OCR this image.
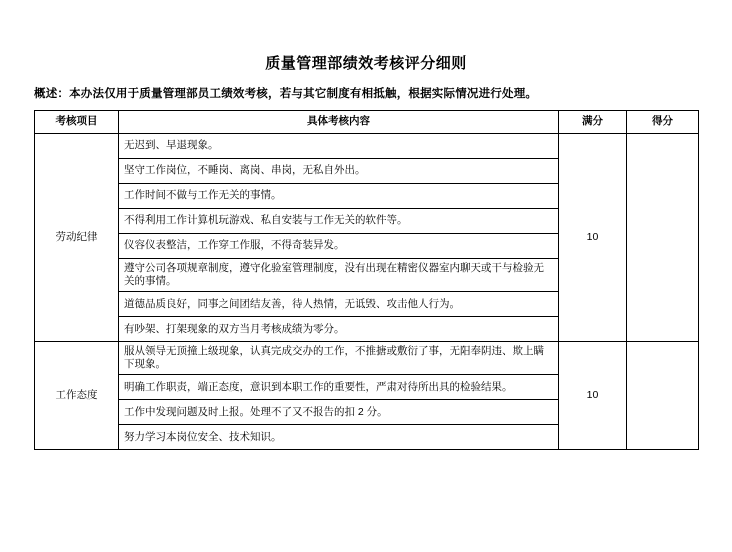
质量管理部绩效考核评分细则

概述：本办法仅用于质量管理部员工绩效考核，若与其它制度有相抵触，根据实际情况进行处理。

考核项目	具体考核内容	满分	得分
劳动纪律	无迟到、早退现象。	10	
	坚守工作岗位，不睡岗、离岗、串岗，无私自外出。		
	工作时间不做与工作无关的事情。		
	不得利用工作计算机玩游戏、私自安装与工作无关的软件等。		
	仪容仪表整洁，工作穿工作服，不得奇装异发。		
	遵守公司各项规章制度，遵守化验室管理制度，没有出现在精密仪器室内聊天或干与检验无关的事情。		
	道德品质良好，同事之间团结友善，待人热情，无诋毁、攻击他人行为。		
	有吵架、打架现象的双方当月考核成绩为零分。		
工作态度	服从领导无顶撞上级现象，认真完成交办的工作，不推搪或敷衍了事，无阳奉阴违、欺上瞒下现象。	10	
	明确工作职责，端正态度，意识到本职工作的重要性，严肃对待所出具的检验结果。		
	工作中发现问题及时上报。处理不了又不报告的扣 2 分。		
	努力学习本岗位安全、技术知识。		
